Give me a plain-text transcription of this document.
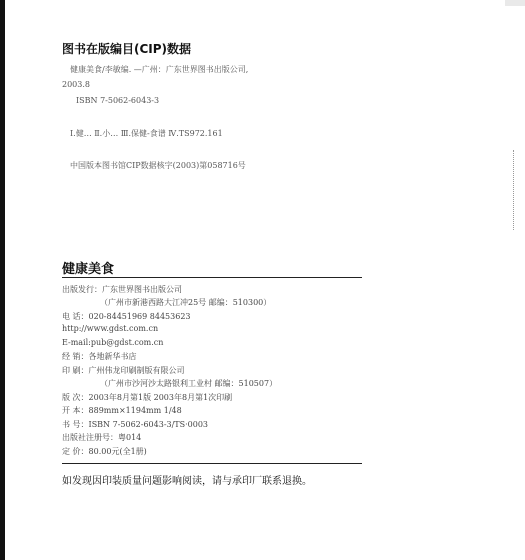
图书在版编目(CIP)数据
健康美食/李敏编. —广州：广东世界图书出版公司,
2003.8
ISBN 7-5062-6043-3
Ⅰ.健… Ⅱ.小… Ⅲ.保健-食谱 Ⅳ.TS972.161
中国版本图书馆CIP数据核字(2003)第058716号
健康美食
出版发行：广东世界图书出版公司
（广州市新港西路大江冲25号 邮编：510300）
电 话：020-84451969 84453623
http://www.gdst.com.cn
E-mail:pub@gdst.com.cn
经 销：各地新华书店
印 刷：广州伟龙印刷制版有限公司
（广州市沙河沙太路银利工业村 邮编：510507）
版 次：2003年8月第1版 2003年8月第1次印刷
开 本：889mm×1194mm 1/48
书 号：ISBN 7-5062-6043-3/TS·0003
出版社注册号：粤014
定 价：80.00元(全1册)
如发现因印装质量问题影响阅读，请与承印厂联系退换。
